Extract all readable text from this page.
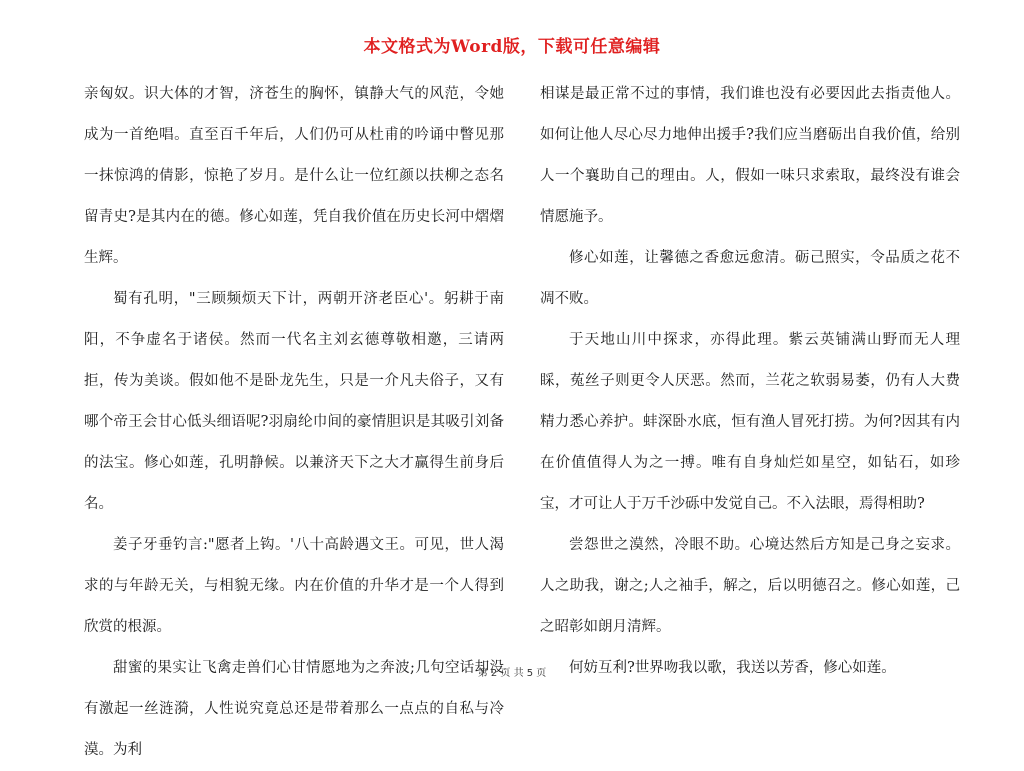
本文格式为Word版，下载可任意编辑

亲匈奴。识大体的才智，济苍生的胸怀，镇静大气的风范，令她成为一首绝唱。直至百千年后，人们仍可从杜甫的吟诵中瞥见那一抹惊鸿的倩影，惊艳了岁月。是什么让一位红颜以扶柳之态名留青史?是其内在的德。修心如莲，凭自我价值在历史长河中熠熠生辉。

蜀有孔明，"三顾频烦天下计，两朝开济老臣心'。躬耕于南阳，不争虚名于诸侯。然而一代名主刘玄德尊敬相邀，三请两拒，传为美谈。假如他不是卧龙先生，只是一介凡夫俗子，又有哪个帝王会甘心低头细语呢?羽扇纶巾间的豪情胆识是其吸引刘备的法宝。修心如莲，孔明静候。以兼济天下之大才赢得生前身后名。

姜子牙垂钓言:"愿者上钩。'八十高龄遇文王。可见，世人渴求的与年龄无关，与相貌无缘。内在价值的升华才是一个人得到欣赏的根源。

甜蜜的果实让飞禽走兽们心甘情愿地为之奔波;几句空话却没有激起一丝涟漪，人性说究竟总还是带着那么一点点的自私与冷漠。为利

相谋是最正常不过的事情，我们谁也没有必要因此去指责他人。如何让他人尽心尽力地伸出援手?我们应当磨砺出自我价值，给别人一个襄助自己的理由。人，假如一味只求索取，最终没有谁会情愿施予。

修心如莲，让馨德之香愈远愈清。砺己照实，令品质之花不凋不败。

于天地山川中探求，亦得此理。紫云英铺满山野而无人理睬，菟丝子则更令人厌恶。然而，兰花之软弱易萎，仍有人大费精力悉心养护。蚌深卧水底，恒有渔人冒死打捞。为何?因其有内在价值值得人为之一搏。唯有自身灿烂如星空，如钻石，如珍宝，才可让人于万千沙砾中发觉自己。不入法眼，焉得相助?

尝怨世之漠然，冷眼不助。心境达然后方知是己身之妄求。人之助我，谢之;人之袖手，解之，后以明德召之。修心如莲，己之昭彰如朗月清辉。

何妨互利?世界吻我以歌，我送以芳香，修心如莲。

第 2 页 共 5 页
